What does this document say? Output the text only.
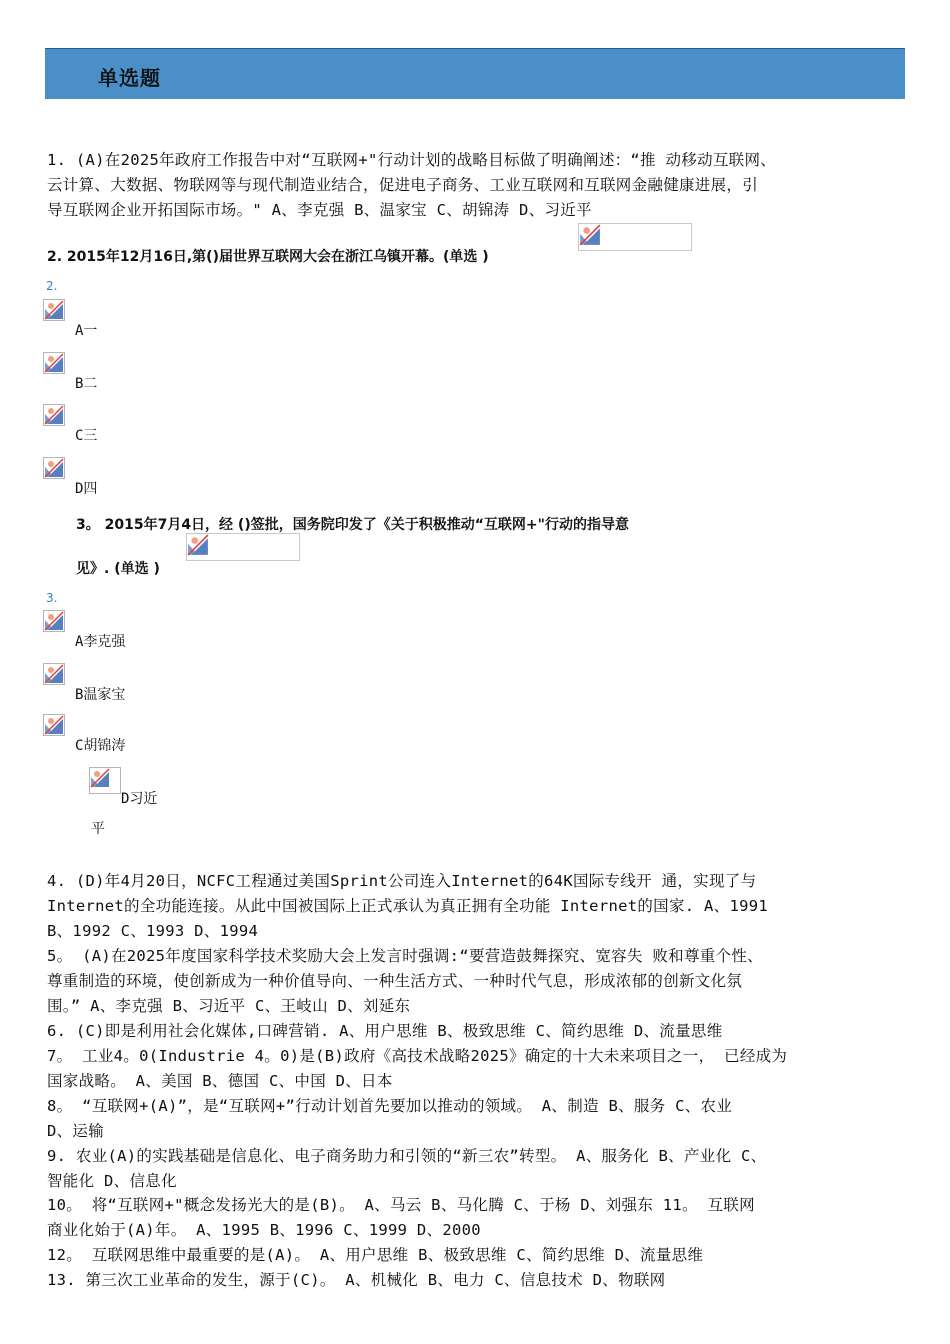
单选题
1. (A)在2025年政府工作报告中对“互联网+"行动计划的战略目标做了明确阐述：“推 动移动互联网、
云计算、大数据、物联网等与现代制造业结合，促进电子商务、工业互联网和互联网金融健康进展，引
导互联网企业开拓国际市场。" A、李克强 B、温家宝 C、胡锦涛 D、习近平
2. 2015年12月16日,第()届世界互联网大会在浙江乌镇开幕。(单选 )
2.
A一
B二
C三
D四
3。 2015年7月4日，经 ()签批，国务院印发了《关于积极推动“互联网+"行动的指导意
见》. (单选 )
3.
A李克强
B温家宝
C胡锦涛
D习近
平
4. (D)年4月20日，NCFC工程通过美国Sprint公司连入Internet的64K国际专线开 通，实现了与
Internet的全功能连接。从此中国被国际上正式承认为真正拥有全功能 Internet的国家. A、1991
B、1992 C、1993 D、1994
5。 (A)在2025年度国家科学技术奖励大会上发言时强调:“要营造鼓舞探究、宽容失 败和尊重个性、
尊重制造的环境，使创新成为一种价值导向、一种生活方式、一种时代气息，形成浓郁的创新文化氛
围。” A、李克强 B、习近平 C、王岐山 D、刘延东
6. (C)即是利用社会化媒体,口碑营销. A、用户思维 B、极致思维 C、简约思维 D、流量思维
7。 工业4。0(Industrie 4。0)是(B)政府《高技术战略2025》确定的十大未来项目之一， 已经成为
国家战略。 A、美国 B、德国 C、中国 D、日本
8。 “互联网+(A)”，是“互联网+”行动计划首先要加以推动的领域。 A、制造 B、服务 C、农业
D、运输
9. 农业(A)的实践基础是信息化、电子商务助力和引领的“新三农”转型。 A、服务化 B、产业化 C、
智能化 D、信息化
10。 将“互联网+"概念发扬光大的是(B)。 A、马云 B、马化腾 C、于杨 D、刘强东 11。 互联网
商业化始于(A)年。 A、1995 B、1996 C、1999 D、2000
12。 互联网思维中最重要的是(A)。 A、用户思维 B、极致思维 C、简约思维 D、流量思维
13. 第三次工业革命的发生，源于(C)。 A、机械化 B、电力 C、信息技术 D、物联网
